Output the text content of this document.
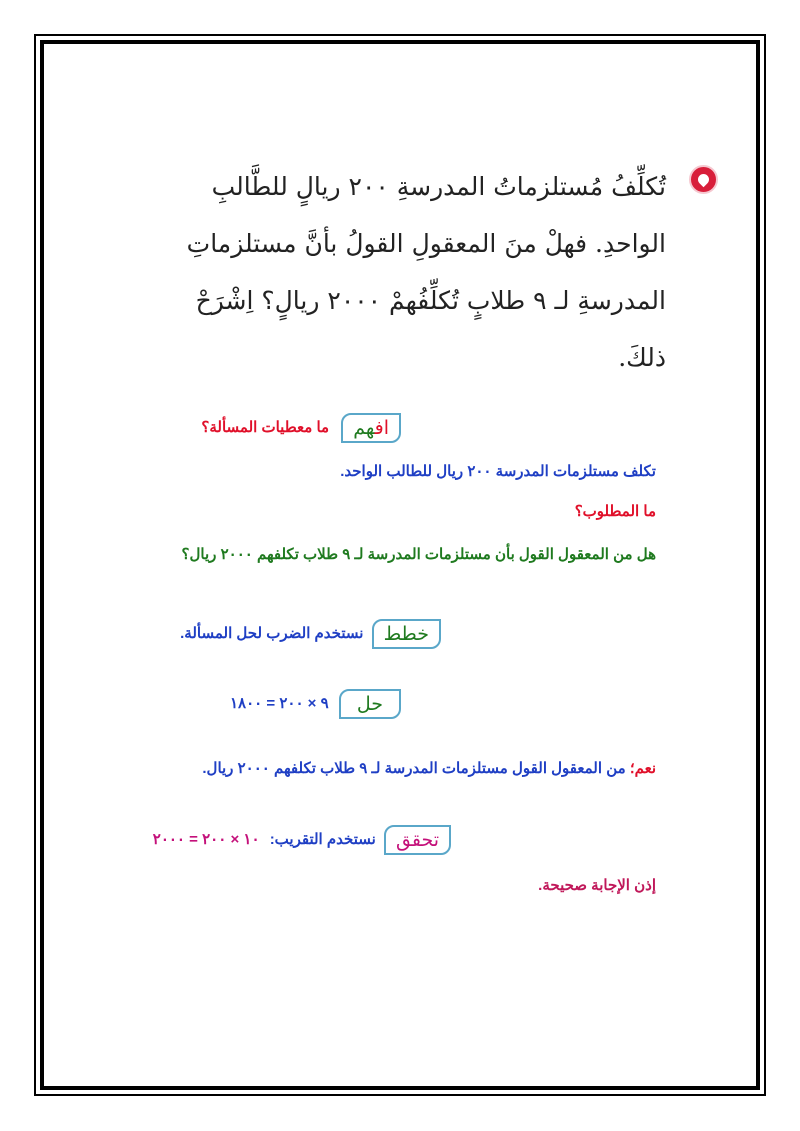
تُكلِّفُ مُستلزماتُ المدرسةِ ٢٠٠ ريالٍ للطَّالبِ الواحدِ. فهلْ منَ المعقولِ القولُ بأنَّ مستلزماتِ المدرسةِ لـ ٩ طلابٍ تُكلِّفُهمْ ٢٠٠٠ ريالٍ؟ اِشْرَحْ ذلكَ.
افهم ما معطيات المسألة؟
تكلف مستلزمات المدرسة ٢٠٠ ريال للطالب الواحد.
ما المطلوب؟
هل من المعقول القول بأن مستلزمات المدرسة لـ ٩ طلاب تكلفهم ٢٠٠٠ ريال؟
خطط نستخدم الضرب لحل المسألة.
حل ٩ × ٢٠٠ = ١٨٠٠
نعم؛ من المعقول القول مستلزمات المدرسة لـ ٩ طلاب تكلفهم ٢٠٠٠ ريال.
تحقق نستخدم التقريب: ١٠ × ٢٠٠ = ٢٠٠٠
إذن الإجابة صحيحة.
